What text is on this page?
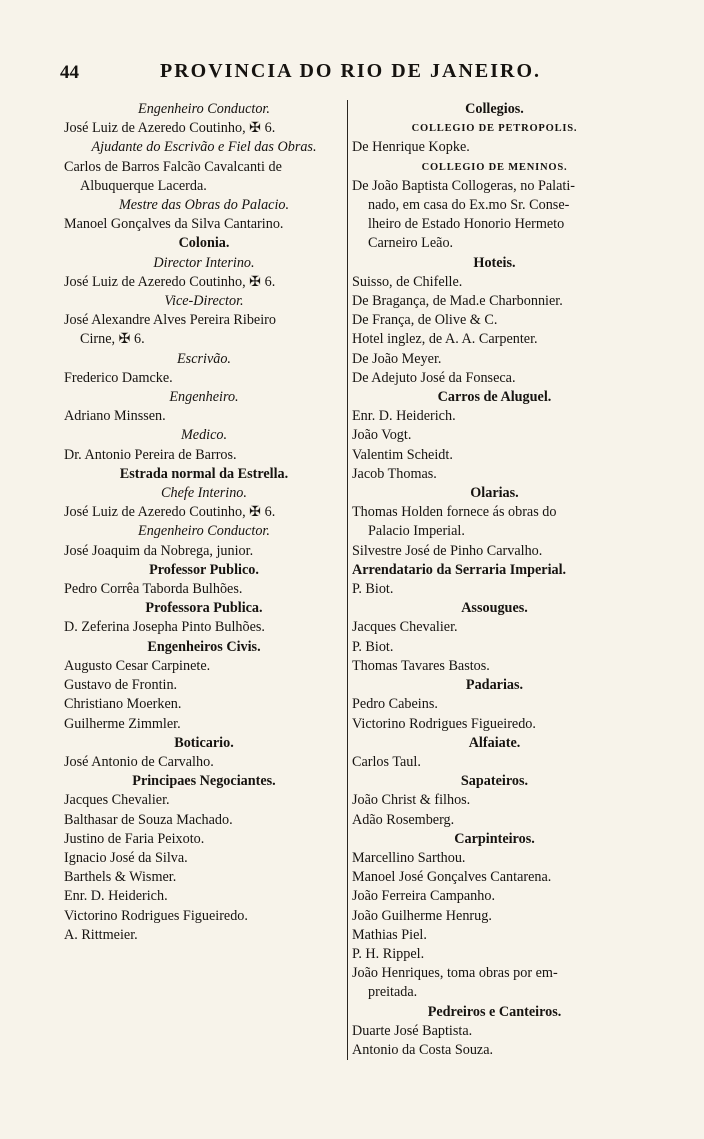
44	PROVINCIA DO RIO DE JANEIRO.
Engenheiro Conductor.
José Luiz de Azeredo Coutinho, ✠ 6.
Ajudante do Escrivão e Fiel das Obras.
Carlos de Barros Falcão Cavalcanti de
Albuquerque Lacerda.
Mestre das Obras do Palacio.
Manoel Gonçalves da Silva Cantarino.
Colonia.
Director Interino.
José Luiz de Azeredo Coutinho, ✠ 6.
Vice-Director.
José Alexandre Alves Pereira Ribeiro
Cirne, ✠ 6.
Escrivão.
Frederico Damcke.
Engenheiro.
Adriano Minssen.
Medico.
Dr. Antonio Pereira de Barros.
Estrada normal da Estrella.
Chefe Interino.
José Luiz de Azeredo Coutinho, ✠ 6.
Engenheiro Conductor.
José Joaquim da Nobrega, junior.
Professor Publico.
Pedro Corrêa Taborda Bulhões.
Professora Publica.
D. Zeferina Josepha Pinto Bulhões.
Engenheiros Civis.
Augusto Cesar Carpinete.
Gustavo de Frontin.
Christiano Moerken.
Guilherme Zimmler.
Boticario.
José Antonio de Carvalho.
Principaes Negociantes.
Jacques Chevalier.
Balthasar de Souza Machado.
Justino de Faria Peixoto.
Ignacio José da Silva.
Barthels & Wismer.
Enr. D. Heiderich.
Victorino Rodrigues Figueiredo.
A. Rittmeier.
Collegios.
COLLEGIO DE PETROPOLIS.
De Henrique Kopke.
COLLEGIO DE MENINOS.
De João Baptista Collogeras, no Palati-
nado, em casa do Ex.mo Sr. Conse-
lheiro de Estado Honorio Hermeto
Carneiro Leão.
Hoteis.
Suisso, de Chifelle.
De Bragança, de Mad.e Charbonnier.
De França, de Olive & C.
Hotel inglez, de A. A. Carpenter.
De João Meyer.
De Adejuto José da Fonseca.
Carros de Aluguel.
Enr. D. Heiderich.
João Vogt.
Valentim Scheidt.
Jacob Thomas.
Olarias.
Thomas Holden fornece ás obras do
Palacio Imperial.
Silvestre José de Pinho Carvalho.
Arrendatario da Serraria Imperial.
P. Biot.
Assougues.
Jacques Chevalier.
P. Biot.
Thomas Tavares Bastos.
Padarias.
Pedro Cabeins.
Victorino Rodrigues Figueiredo.
Alfaiate.
Carlos Taul.
Sapateiros.
João Christ & filhos.
Adão Rosemberg.
Carpinteiros.
Marcellino Sarthou.
Manoel José Gonçalves Cantarena.
João Ferreira Campanho.
João Guilherme Henrug.
Mathias Piel.
P. H. Rippel.
João Henriques, toma obras por em-
preitada.
Pedreiros e Canteiros.
Duarte José Baptista.
Antonio da Costa Souza.
